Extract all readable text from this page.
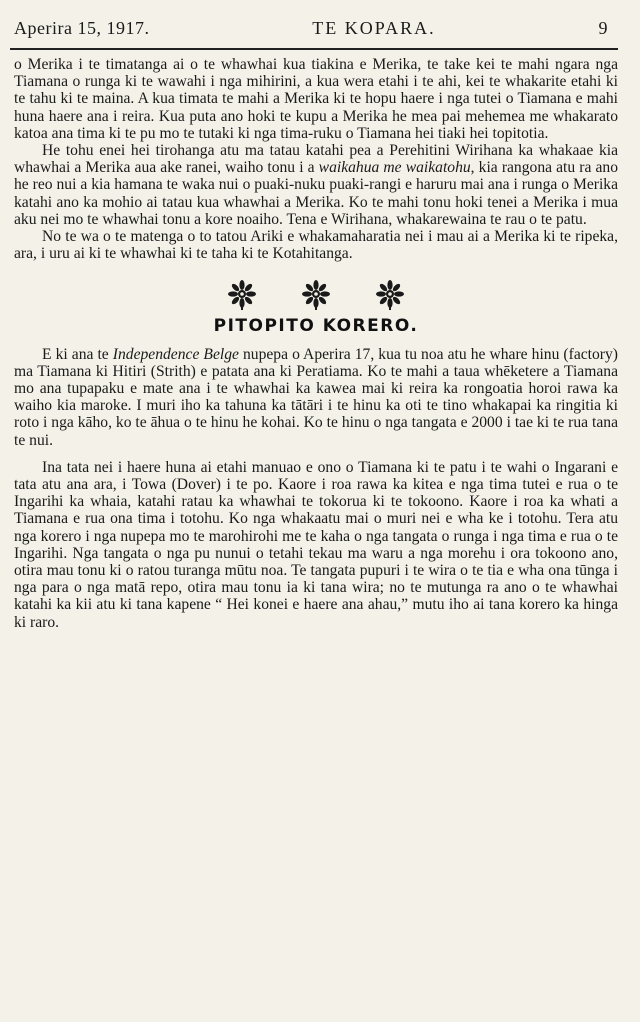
Aperira 15, 1917.	TE KOPARA.	9

o Merika i te timatanga ai o te whawhai kua tiakina e Merika, te take kei te mahi ngara nga Tiamana o runga ki te wawahi i nga mihirini, a kua wera etahi i te ahi, kei te whakarite etahi ki te tahu ki te maina. A kua timata te mahi a Merika ki te hopu haere i nga tutei o Tiamana e mahi huna haere ana i reira. Kua puta ano hoki te kupu a Merika he mea pai mehemea me whakarato katoa ana tima ki te pu mo te tutaki ki nga tima-ruku o Tiamana hei tiaki hei topitotia.

He tohu enei hei tirohanga atu ma tatau katahi pea a Perehitini Wirihana ka whakaae kia whawhai a Merika aua ake ranei, waiho tonu i a waikahua me waikatohu, kia rangona atu ra ano he reo nui a kia hamana te waka nui o puaki-nuku puaki-rangi e haruru mai ana i runga o Merika katahi ano ka mohio ai tatau kua whawhai a Merika. Ko te mahi tonu hoki tenei a Merika i mua aku nei mo te whawhai tonu a kore noaiho. Tena e Wirihana, whakarewaina te rau o te patu.

No te wa o te matenga o to tatou Ariki e whakamaharatia nei i mau ai a Merika ki te ripeka, ara, i uru ai ki te whawhai ki te taha ki te Kotahitanga.

PITOPITO KORERO.

E ki ana te Independence Belge nupepa o Aperira 17, kua tu noa atu he whare hinu (factory) ma Tiamana ki Hitiri (Strith) e patata ana ki Peratiama. Ko te mahi a taua whēketere a Tiamana mo ana tupapaku e mate ana i te whawhai ka kawea mai ki reira ka rongoatia horoi rawa ka waiho kia maroke. I muri iho ka tahuna ka tātāri i te hinu ka oti te tino whakapai ka ringitia ki roto i nga kāho, ko te āhua o te hinu he kohai. Ko te hinu o nga tangata e 2000 i tae ki te rua tana te nui.

Ina tata nei i haere huna ai etahi manuao e ono o Tiamana ki te patu i te wahi o Ingarani e tata atu ana ara, i Towa (Dover) i te po. Kaore i roa rawa ka kitea e nga tima tutei e rua o te Ingarihi ka whaia, katahi ratau ka whawhai te tokorua ki te tokoono. Kaore i roa ka whati a Tiamana e rua ona tima i totohu. Ko nga whakaatu mai o muri nei e wha ke i totohu. Tera atu nga korero i nga nupepa mo te marohirohi me te kaha o nga tangata o runga i nga tima e rua o te Ingarihi. Nga tangata o nga pu nunui o tetahi tekau ma waru a nga morehu i ora tokoono ano, otira mau tonu ki o ratou turanga mūtu noa. Te tangata pupuri i te wira o te tia e wha ona tūnga i nga para o nga matā repo, otira mau tonu ia ki tana wira; no te mutunga ra ano o te whawhai katahi ka kii atu ki tana kapene “ Hei konei e haere ana ahau,” mutu iho ai tana korero ka hinga ki raro.
